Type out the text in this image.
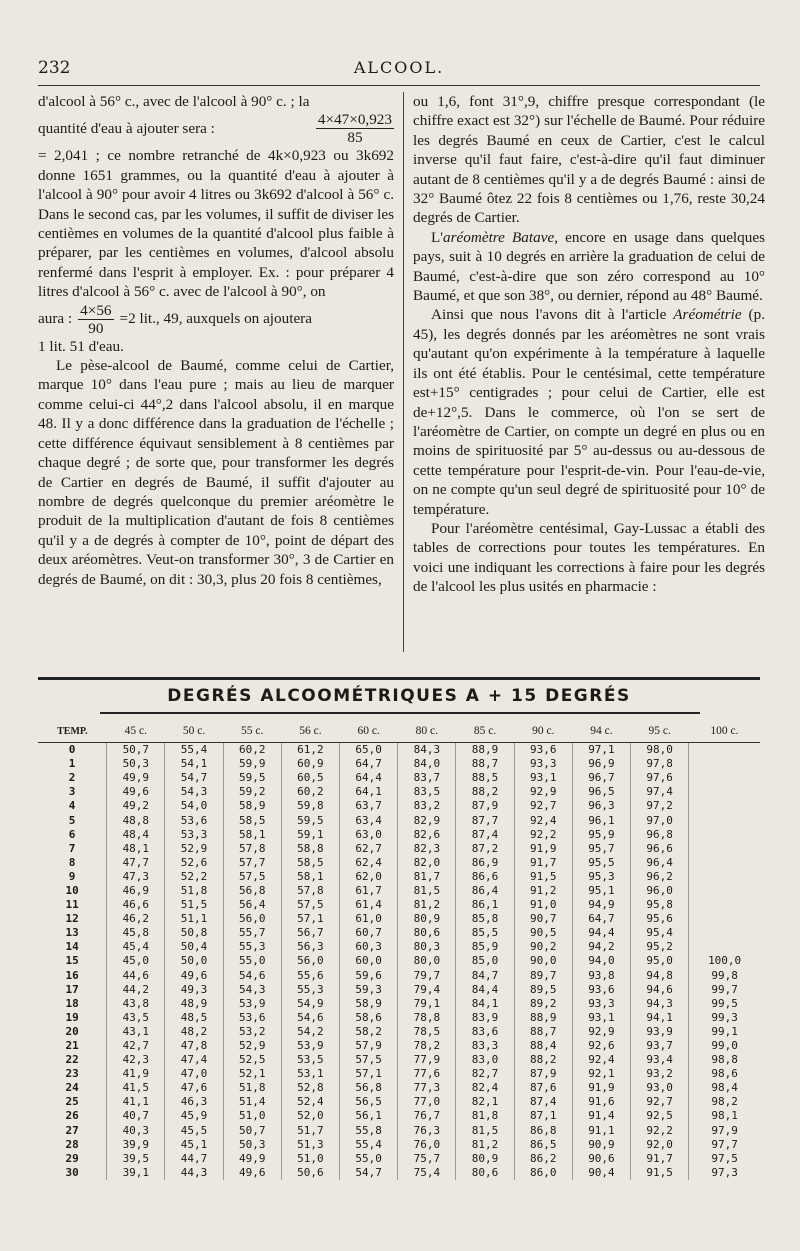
232	ALCOOL.

d'alcool à 56° c., avec de l'alcool à 90° c. ; la

quantité d'eau à ajouter sera :	$\frac{4\times 47\times 0,923}{85}$

= 2,041 ; ce nombre retranché de 4k×0,923 ou 3k692 donne 1651 grammes, ou la quantité d'eau à ajouter à l'alcool à 90° pour avoir 4 litres ou 3k692 d'alcool à 56° c. Dans le second cas, par les volumes, il suffit de diviser les centièmes en volumes de la quantité d'alcool plus faible à préparer, par les centièmes en volumes, d'alcool absolu renfermé dans l'esprit à employer. Ex. : pour préparer 4 litres d'alcool à 56° c. avec de l'alcool à 90°, on

aura : $\frac{4\times 56}{90} =2$ lit., 49, auxquels on ajoutera

1 lit. 51 d'eau.

Le pèse-alcool de Baumé, comme celui de Cartier, marque 10° dans l'eau pure ; mais au lieu de marquer comme celui-ci 44°,2 dans l'alcool absolu, il en marque 48. Il y a donc différence dans la graduation de l'échelle ; cette différence équivaut sensiblement à 8 centièmes par chaque degré ; de sorte que, pour transformer les degrés de Cartier en degrés de Baumé, il suffit d'ajouter au nombre de degrés quelconque du premier aréomètre le produit de la multiplication d'autant de fois 8 centièmes qu'il y a de degrés à compter de 10°, point de départ des deux aréomètres. Veut-on transformer 30°, 3 de Cartier en degrés de Baumé, on dit : 30,3, plus 20 fois 8 centièmes,

ou 1,6, font 31°,9, chiffre presque correspondant (le chiffre exact est 32°) sur l'échelle de Baumé. Pour réduire les degrés Baumé en ceux de Cartier, c'est le calcul inverse qu'il faut faire, c'est-à-dire qu'il faut diminuer autant de 8 centièmes qu'il y a de degrés Baumé : ainsi de 32° Baumé ôtez 22 fois 8 centièmes ou 1,76, reste 30,24 degrés de Cartier.

L'aréomètre Batave, encore en usage dans quelques pays, suit à 10 degrés en arrière la graduation de celui de Baumé, c'est-à-dire que son zéro correspond au 10° Baumé, et que son 38°, ou dernier, répond au 48° Baumé.

Ainsi que nous l'avons dit à l'article Aréométrie (p. 45), les degrés donnés par les aréomètres ne sont vrais qu'autant qu'on expérimente à la température à laquelle ils ont été établis. Pour le centésimal, cette température est+15° centigrades ; pour celui de Cartier, elle est de+12°,5. Dans le commerce, où l'on se sert de l'aréomètre de Cartier, on compte un degré en plus ou en moins de spirituosité par 5° au-dessus ou au-dessous de cette température pour l'esprit-de-vin. Pour l'eau-de-vie, on ne compte qu'un seul degré de spirituosité pour 10° de température.

Pour l'aréomètre centésimal, Gay-Lussac a établi des tables de corrections pour toutes les températures. En voici une indiquant les corrections à faire pour les degrés de l'alcool les plus usités en pharmacie :

DEGRÉS ALCOOMÉTRIQUES A + 15 DEGRÉS
TEMP.	45 c.	50 c.	55 c.	56 c.	60 c.	80 c.	85 c.	90 c.	94 c.	95 c.	100 c.
0	50,7	55,4	60,2	61,2	65,0	84,3	88,9	93,6	97,1	98,0	
1	50,3	54,1	59,9	60,9	64,7	84,0	88,7	93,3	96,9	97,8	
2	49,9	54,7	59,5	60,5	64,4	83,7	88,5	93,1	96,7	97,6	
3	49,6	54,3	59,2	60,2	64,1	83,5	88,2	92,9	96,5	97,4	
4	49,2	54,0	58,9	59,8	63,7	83,2	87,9	92,7	96,3	97,2	
5	48,8	53,6	58,5	59,5	63,4	82,9	87,7	92,4	96,1	97,0	
6	48,4	53,3	58,1	59,1	63,0	82,6	87,4	92,2	95,9	96,8	
7	48,1	52,9	57,8	58,8	62,7	82,3	87,2	91,9	95,7	96,6	
8	47,7	52,6	57,7	58,5	62,4	82,0	86,9	91,7	95,5	96,4	
9	47,3	52,2	57,5	58,1	62,0	81,7	86,6	91,5	95,3	96,2	
10	46,9	51,8	56,8	57,8	61,7	81,5	86,4	91,2	95,1	96,0	
11	46,6	51,5	56,4	57,5	61,4	81,2	86,1	91,0	94,9	95,8	
12	46,2	51,1	56,0	57,1	61,0	80,9	85,8	90,7	64,7	95,6	
13	45,8	50,8	55,7	56,7	60,7	80,6	85,5	90,5	94,4	95,4	
14	45,4	50,4	55,3	56,3	60,3	80,3	85,9	90,2	94,2	95,2	
15	45,0	50,0	55,0	56,0	60,0	80,0	85,0	90,0	94,0	95,0	100,0
16	44,6	49,6	54,6	55,6	59,6	79,7	84,7	89,7	93,8	94,8	99,8
17	44,2	49,3	54,3	55,3	59,3	79,4	84,4	89,5	93,6	94,6	99,7
18	43,8	48,9	53,9	54,9	58,9	79,1	84,1	89,2	93,3	94,3	99,5
19	43,5	48,5	53,6	54,6	58,6	78,8	83,9	88,9	93,1	94,1	99,3
20	43,1	48,2	53,2	54,2	58,2	78,5	83,6	88,7	92,9	93,9	99,1
21	42,7	47,8	52,9	53,9	57,9	78,2	83,3	88,4	92,6	93,7	99,0
22	42,3	47,4	52,5	53,5	57,5	77,9	83,0	88,2	92,4	93,4	98,8
23	41,9	47,0	52,1	53,1	57,1	77,6	82,7	87,9	92,1	93,2	98,6
24	41,5	47,6	51,8	52,8	56,8	77,3	82,4	87,6	91,9	93,0	98,4
25	41,1	46,3	51,4	52,4	56,5	77,0	82,1	87,4	91,6	92,7	98,2
26	40,7	45,9	51,0	52,0	56,1	76,7	81,8	87,1	91,4	92,5	98,1
27	40,3	45,5	50,7	51,7	55,8	76,3	81,5	86,8	91,1	92,2	97,9
28	39,9	45,1	50,3	51,3	55,4	76,0	81,2	86,5	90,9	92,0	97,7
29	39,5	44,7	49,9	51,0	55,0	75,7	80,9	86,2	90,6	91,7	97,5
30	39,1	44,3	49,6	50,6	54,7	75,4	80,6	86,0	90,4	91,5	97,3
